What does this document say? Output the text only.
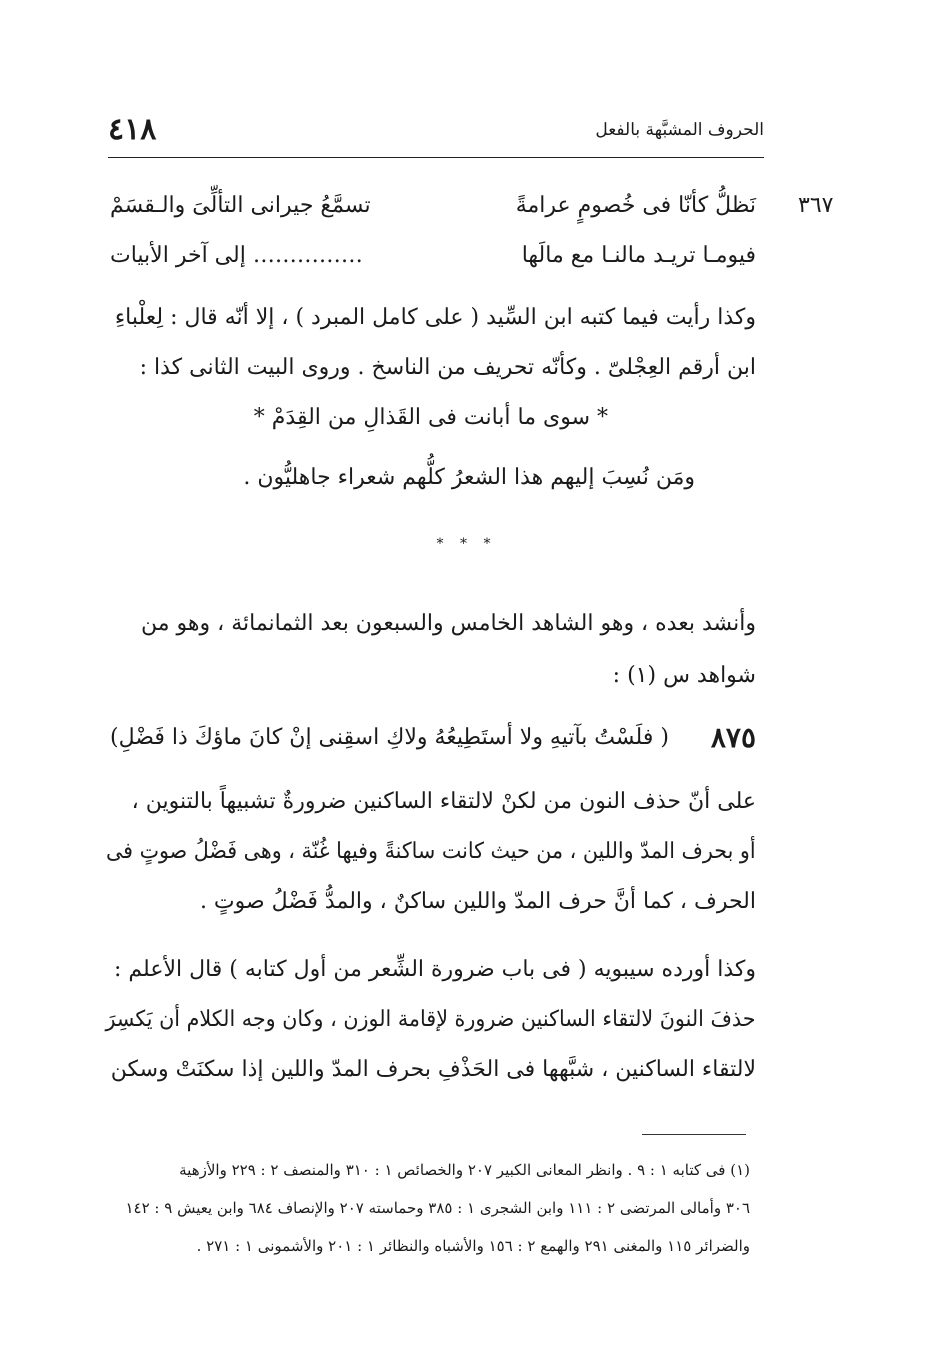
الحروف المشبَّهة بالفعل
٤١٨
٣٦٧
نَظلُّ كأنّا فى خُصومٍ عرامةً
تسمَّعُ جيرانى التألِّىَ والـقسَمْ
فيومـا تريـد مالنـا مع مالَها
…………… إلى آخر الأبيات
وكذا رأيت فيما كتبه ابن السِّيد ( على كامل المبرد ) ، إلا أنّه قال : لِعلْباءِ
ابن أرقم العِجْلىّ . وكأنّه تحريف من الناسخ . وروى البيت الثانى كذا :
* سوى ما أبانت فى القَذالِ من القِدَمْ *
ومَن نُسِبَ إليهم هذا الشعرُ كلُّهم شعراء جاهليُّون .
* * *
وأنشد بعده ، وهو الشاهد الخامس والسبعون بعد الثمانمائة ، وهو من
شواهد س (١) :
٨٧٥
( فلَسْتُ بآتيهِ ولا أستَطِيعُهُ ولاكِ اسقِنى إنْ كانَ ماؤكَ ذا فَضْلِ)
على أنّ حذف النون من لكنْ لالتقاء الساكنين ضرورةٌ تشبيهاً بالتنوين ،
أو بحرف المدّ واللين ، من حيث كانت ساكنةً وفيها غُنّة ، وهى فَضْلُ صوتٍ فى
الحرف ، كما أنَّ حرف المدّ واللين ساكنٌ ، والمدُّ فَضْلُ صوتٍ .
وكذا أورده سيبويه ( فى باب ضرورة الشِّعر من أول كتابه ) قال الأعلم :
حذفَ النونَ لالتقاء الساكنين ضرورة لإقامة الوزن ، وكان وجه الكلام أن يَكسِرَ
لالتقاء الساكنين ، شبَّهها فى الحَذْفِ بحرف المدّ واللين إذا سكنَتْ وسكن
(١) فى كتابه ١ : ٩ . وانظر المعانى الكبير ٢٠٧ والخصائص ١ : ٣١٠ والمنصف ٢ : ٢٢٩ والأزهية
٣٠٦ وأمالى المرتضى ٢ : ١١١ وابن الشجرى ١ : ٣٨٥ وحماسته ٢٠٧ والإنصاف ٦٨٤ وابن يعيش ٩ : ١٤٢
والضرائر ١١٥ والمغنى ٢٩١ والهمع ٢ : ١٥٦ والأشباه والنظائر ١ : ٢٠١ والأشمونى ١ : ٢٧١ .
